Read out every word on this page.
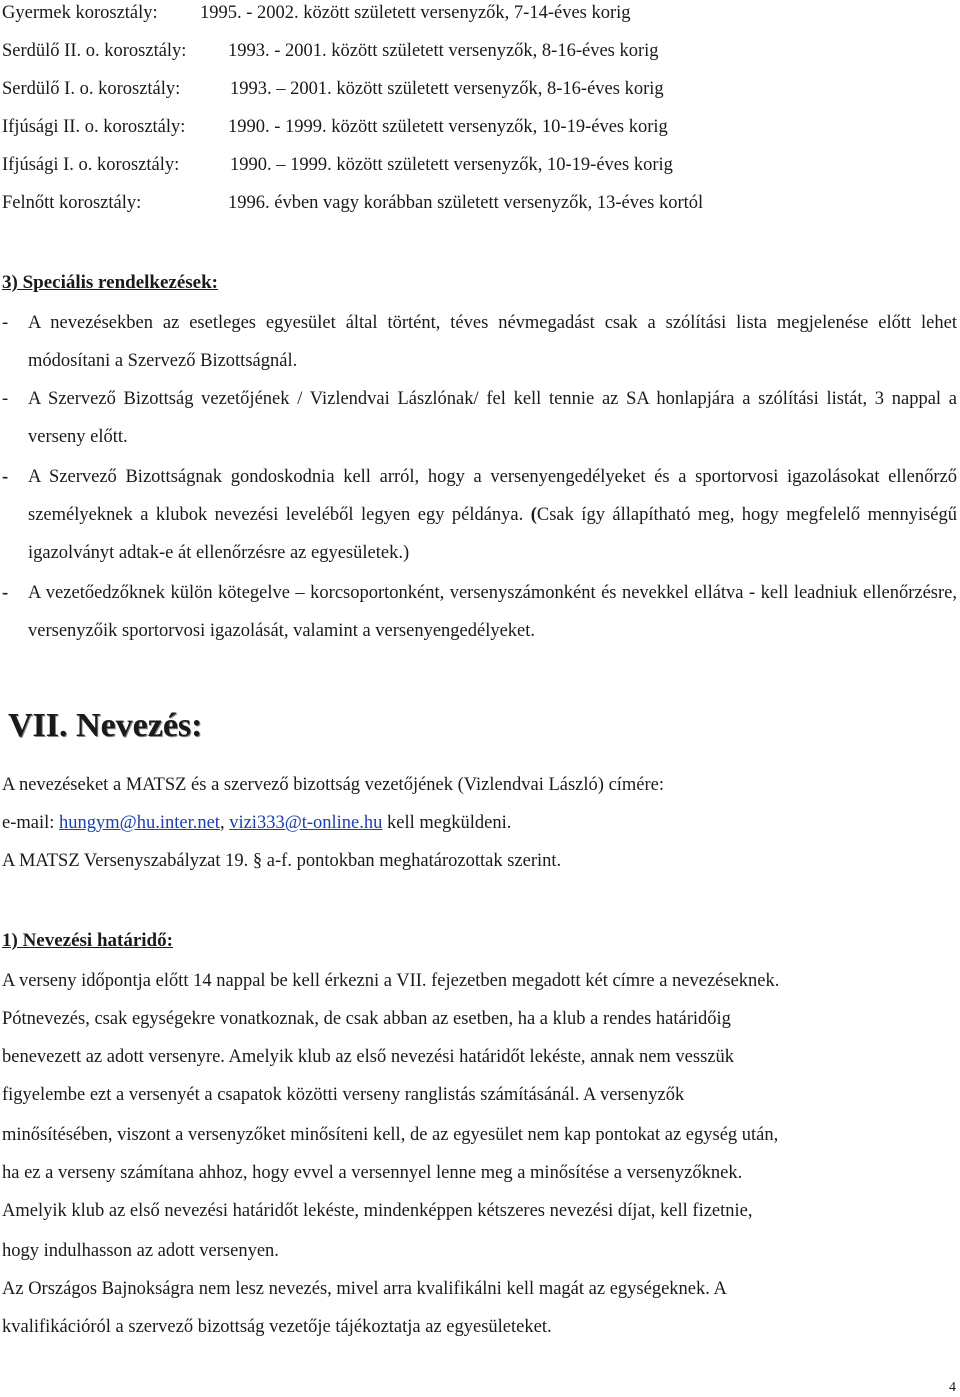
Gyermek korosztály: 1995. - 2002. között született versenyzők, 7-14-éves korig
Serdülő II. o. korosztály: 1993. - 2001. között született versenyzők, 8-16-éves korig
Serdülő I. o. korosztály:	1993. – 2001. között született versenyzők, 8-16-éves korig
Ifjúsági II. o. korosztály: 1990. - 1999. között született versenyzők, 10-19-éves korig
Ifjúsági I. o. korosztály:	1990. – 1999. között született versenyzők, 10-19-éves korig
Felnőtt korosztály:	1996. évben vagy korábban született versenyzők, 13-éves kortól
3) Speciális rendelkezések:
-	A nevezésekben az esetleges egyesület által történt, téves névmegadást csak a szólítási lista megjelenése előtt lehet módosítani a Szervező Bizottságnál.
-	A Szervező Bizottság vezetőjének / Vizlendvai Lászlónak/ fel kell tennie az SA honlapjára a szólítási listát, 3 nappal a verseny előtt.
-	A Szervező Bizottságnak gondoskodnia kell arról, hogy a versenyengedélyeket és a sportorvosi igazolásokat ellenőrző személyeknek a klubok nevezési leveléből legyen egy példánya. (Csak így állapítható meg, hogy megfelelő mennyiségű igazolványt adtak-e át ellenőrzésre az egyesületek.)
-	A vezetőedzőknek külön kötegelve – korcsoportonként, versenyszámonként és nevekkel ellátva - kell leadniuk ellenőrzésre, versenyzőik sportorvosi igazolását, valamint a versenyengedélyeket.
VII. Nevezés:
A nevezéseket a MATSZ és a szervező bizottság vezetőjének (Vizlendvai László) címére:
e-mail: hungym@hu.inter.net, vizi333@t-online.hu kell megküldeni.
A MATSZ Versenyszabályzat 19. § a-f. pontokban meghatározottak szerint.
1) Nevezési határidő:
A verseny időpontja előtt 14 nappal be kell érkezni a VII. fejezetben megadott két címre a nevezéseknek.
Pótnevezés, csak egységekre vonatkoznak, de csak abban az esetben, ha a klub a rendes határidőig
benevezett az adott versenyre. Amelyik klub az első nevezési határidőt lekéste, annak nem vesszük
figyelembe ezt a versenyét a csapatok közötti verseny ranglistás számításánál. A versenyzők
minősítésében, viszont a versenyzőket minősíteni kell, de az egyesület nem kap pontokat az egység után,
ha ez a verseny számítana ahhoz, hogy evvel a versennyel lenne meg a minősítése a versenyzőknek.
Amelyik klub az első nevezési határidőt lekéste, mindenképpen kétszeres nevezési díjat, kell fizetnie,
hogy indulhasson az adott versenyen.
Az Országos Bajnokságra nem lesz nevezés, mivel arra kvalifikálni kell magát az egységeknek. A
kvalifikációról a szervező bizottság vezetője tájékoztatja az egyesületeket.
4
